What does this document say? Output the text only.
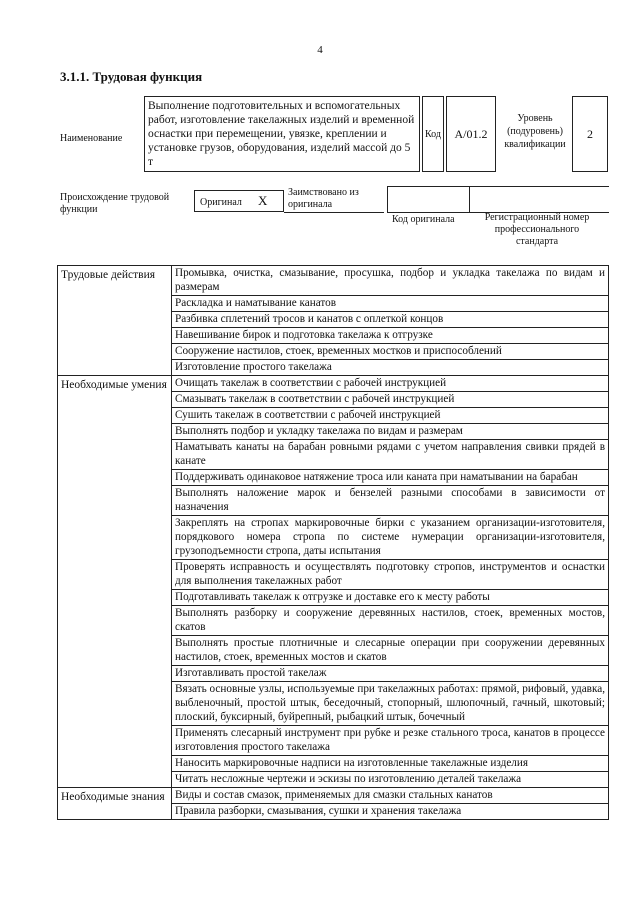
4
3.1.1. Трудовая функция
Наименование
Выполнение подготовительных и вспомогательных работ, изготовление такелажных изделий и временной оснастки при перемещении, увязке, креплении и установке грузов, оборудования, изделий массой до 5 т
Код	A/01.2
Уровень (подуровень) квалификации
2
Происхождение трудовой функции
Оригинал X
Заимствовано из оригинала
Код оригинала	Регистрационный номер профессионального стандарта
Трудовые действия	Промывка, очистка, смазывание, просушка, подбор и укладка такелажа по видам и размерам
	Раскладка и наматывание канатов
	Разбивка сплетений тросов и канатов с оплеткой концов
	Навешивание бирок и подготовка такелажа к отгрузке
	Сооружение настилов, стоек, временных мостков и приспособлений
	Изготовление простого такелажа
Необходимые умения	Очищать такелаж в соответствии с рабочей инструкцией
	Смазывать такелаж в соответствии с рабочей инструкцией
	Сушить такелаж в соответствии с рабочей инструкцией
	Выполнять подбор и укладку такелажа по видам и размерам
	Наматывать канаты на барабан ровными рядами с учетом направления свивки прядей в канате
	Поддерживать одинаковое натяжение троса или каната при наматывании на барабан
	Выполнять наложение марок и бензелей разными способами в зависимости от назначения
	Закреплять на стропах маркировочные бирки с указанием организации-изготовителя, порядкового номера стропа по системе нумерации организации-изготовителя, грузоподъемности стропа, даты испытания
	Проверять исправность и осуществлять подготовку стропов, инструментов и оснастки для выполнения такелажных работ
	Подготавливать такелаж к отгрузке и доставке его к месту работы
	Выполнять разборку и сооружение деревянных настилов, стоек, временных мостов, скатов
	Выполнять простые плотничные и слесарные операции при сооружении деревянных настилов, стоек, временных мостов и скатов
	Изготавливать простой такелаж
	Вязать основные узлы, используемые при такелажных работах: прямой, рифовый, удавка, выбленочный, простой штык, беседочный, стопорный, шлюпочный, гачный, шкотовый; плоский, буксирный, буйрепный, рыбацкий штык, бочечный
	Применять слесарный инструмент при рубке и резке стального троса, канатов в процессе изготовления простого такелажа
	Наносить маркировочные надписи на изготовленные такелажные изделия
	Читать несложные чертежи и эскизы по изготовлению деталей такелажа
Необходимые знания	Виды и состав смазок, применяемых для смазки стальных канатов
	Правила разборки, смазывания, сушки и хранения такелажа
